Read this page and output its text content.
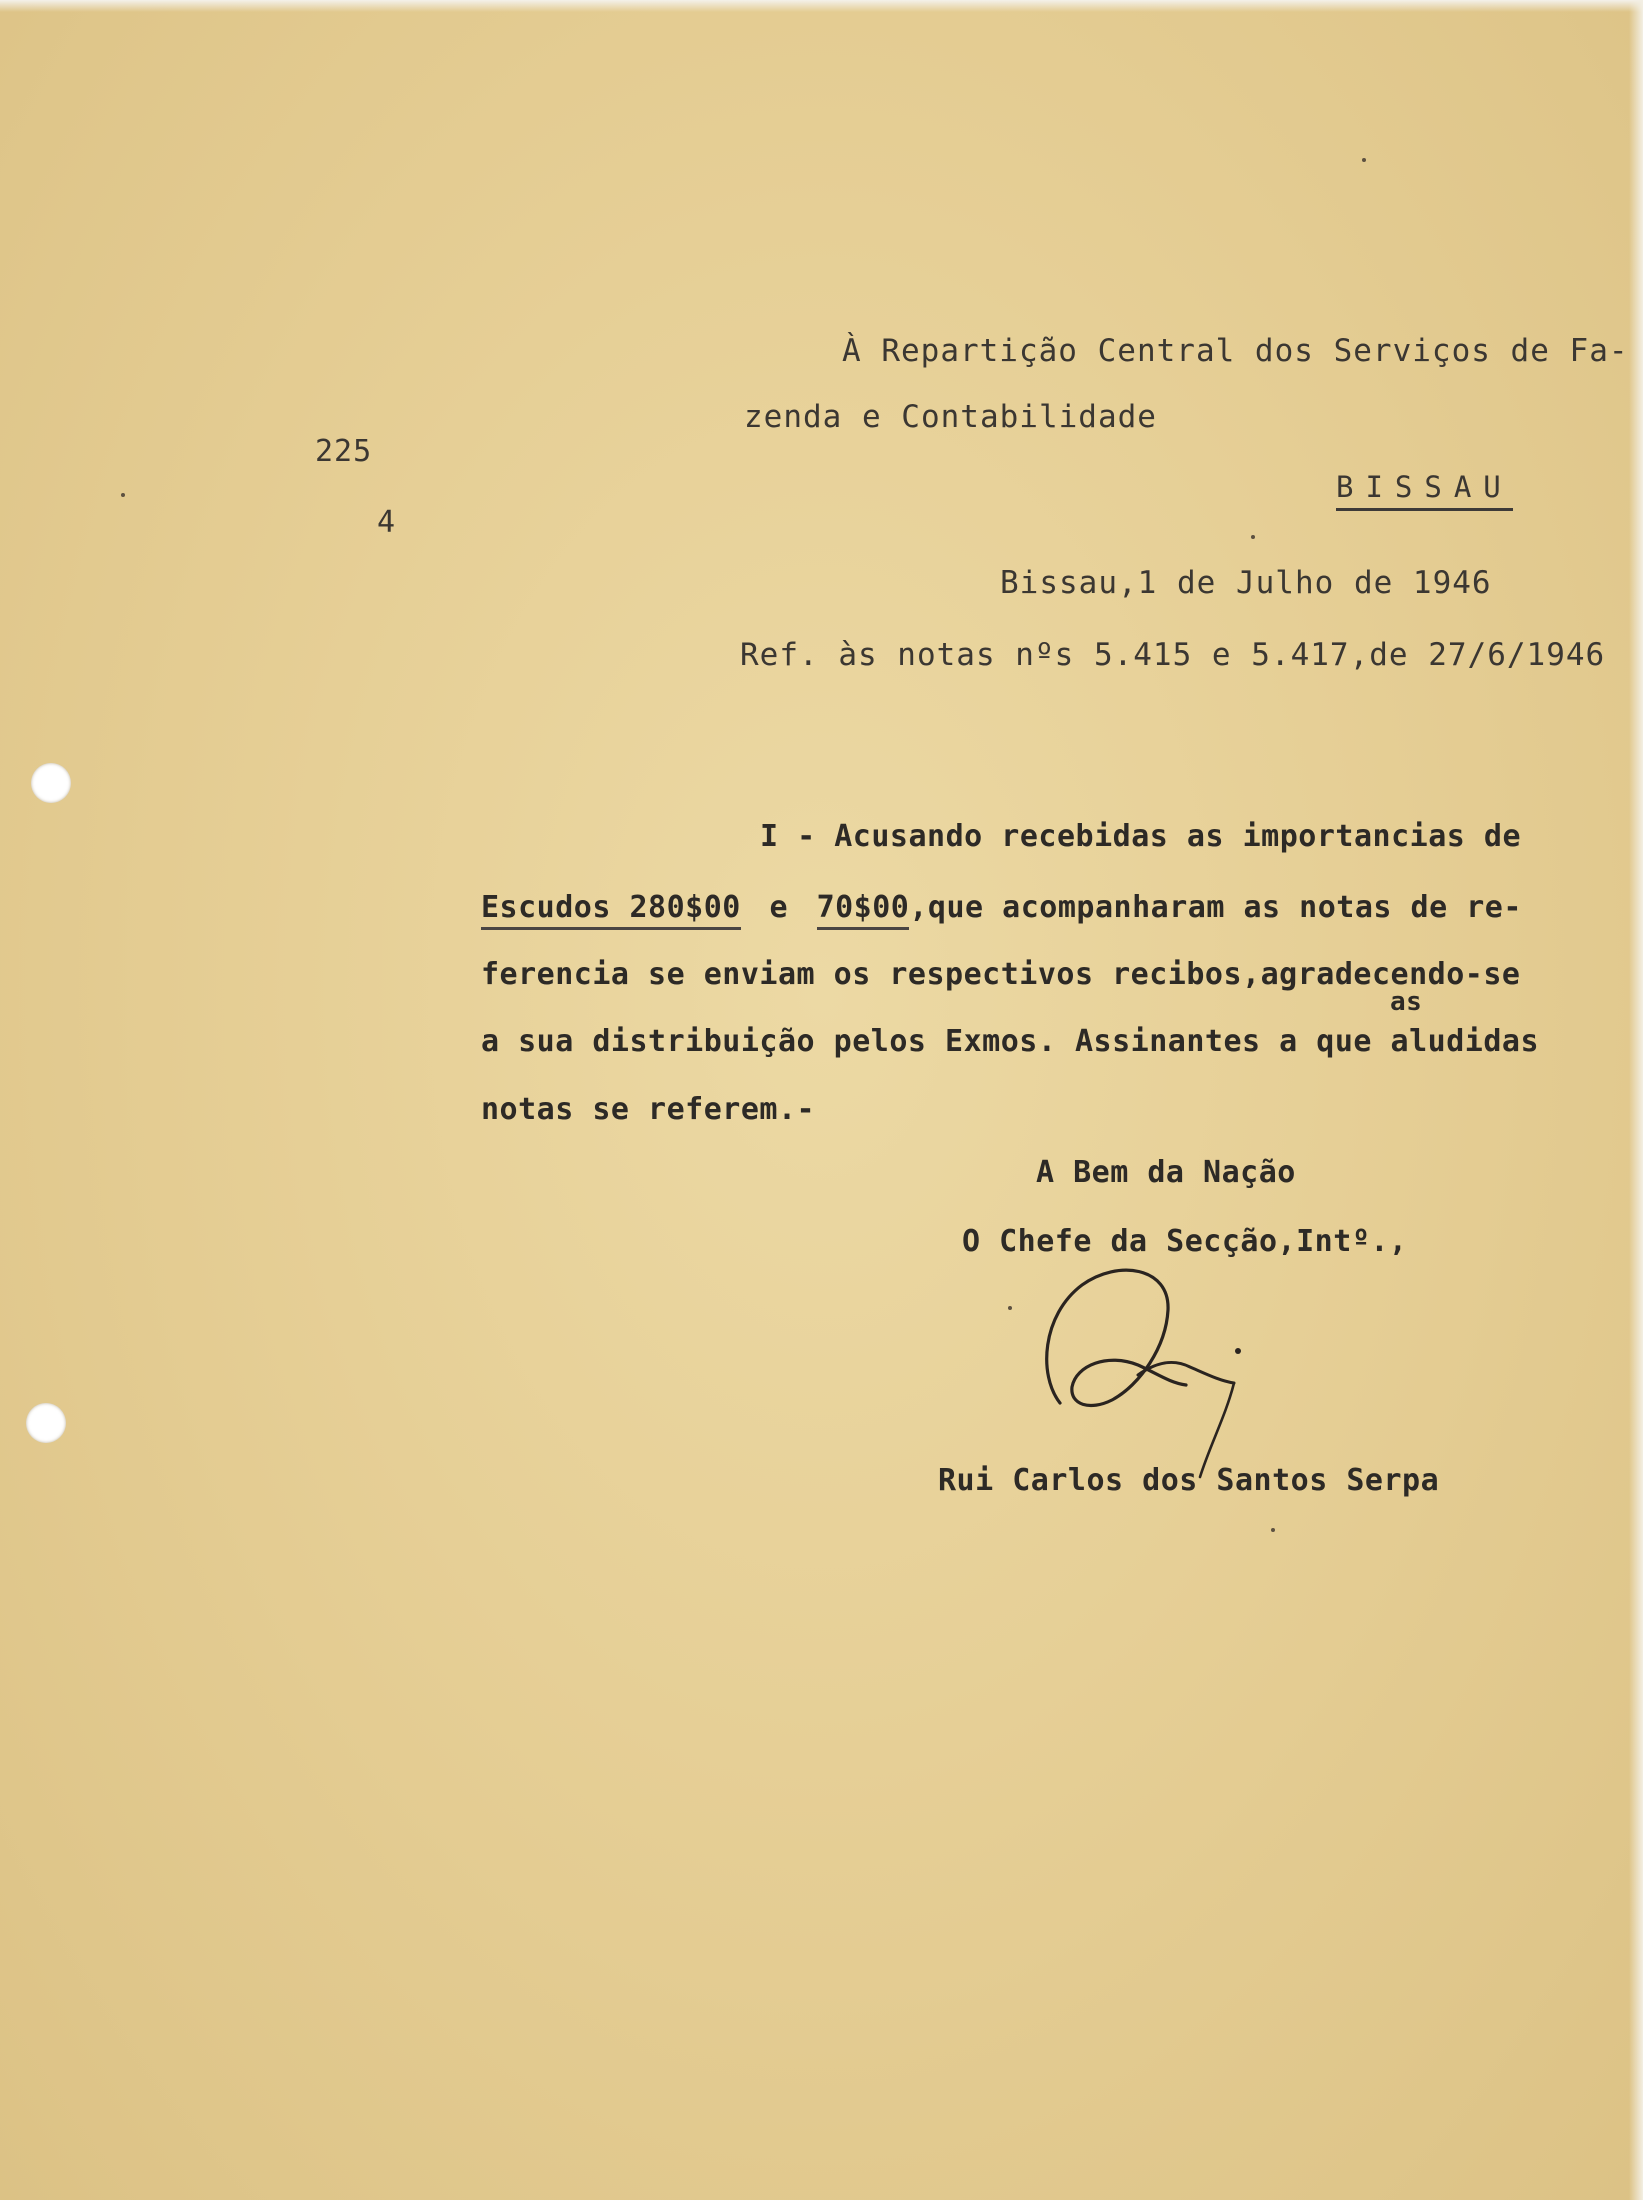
225
4
À Repartição Central dos Serviços de Fa-
zenda e Contabilidade
BISSAU
Bissau,1 de Julho de 1946
Ref. às notas nºs 5.415 e 5.417,de 27/6/1946
I - Acusando recebidas as importancias de
Escudos 280$00 e 70$00,que acompanharam as notas de re-
ferencia se enviam os respectivos recibos,agradecendo-se
as
a sua distribuição pelos Exmos. Assinantes a que aludidas
notas se referem.-
A Bem da Nação
O Chefe da Secção,Intº.,
Rui Carlos dos Santos Serpa
